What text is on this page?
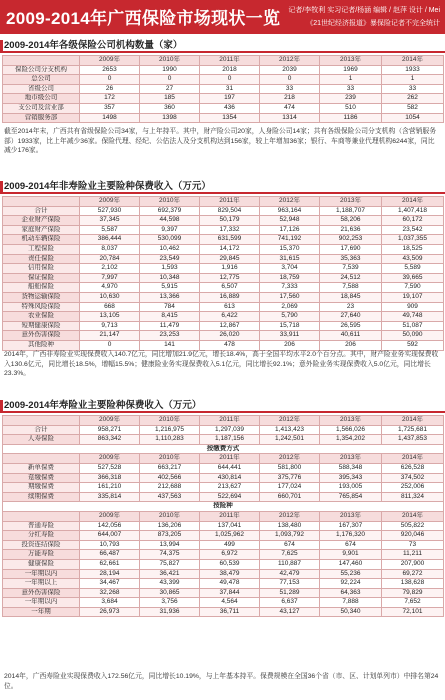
2009-2014年广西保险市场现状一览 记者/李牧利 实习记者/杨涵 编辑 / 赵萍 设计 / Mei
《21世纪经济报道》暴保险记者不完全统计
2009-2014年各级保险公司机构数量（家）
	2009年	2010年	2011年	2012年	2013年	2014年
保险公司分支机构	2653	1990	2018	2039	1969	1933
总公司	0	0	0	0	1	1
省级公司	26	27	31	33	33	33
地市级公司	172	185	197	218	239	262
支公司及营业部	357	360	436	474	510	582
营销服务部	1498	1398	1354	1314	1186	1054
截至2014年末，广西共有省级保险公司34家，与上年持平。其中，财产险公司20家，人身险公司14家；共有各级保险公司分支机构（含营销服务部）1933家，比上年减少36家。保险代理、经纪、公估法人及分支机构达到156家，较上年增加36家；银行、车商等兼业代理机构6244家，同比减少176家。
2009-2014年非寿险业主要险种保费收入（万元）
	2009年	2010年	2011年	2012年	2013年	2014年
合计	527,930	692,379	829,504	963,164	1,188,707	1,407,418
企业财产保险	37,345	44,598	50,179	52,948	58,206	60,172
家庭财产保险	5,587	9,397	17,332	17,126	21,636	23,542
机动车辆保险	386,444	530,099	631,599	741,192	902,253	1,037,355
工程保险	8,037	10,462	14,172	15,370	17,690	18,525
责任保险	20,784	23,549	29,845	31,615	35,363	43,509
信用保险	2,102	1,593	1,916	3,704	7,539	5,589
保证保险	7,997	10,348	12,775	18,759	24,512	39,665
船舶保险	4,970	5,915	6,507	7,333	7,588	7,590
货物运输保险	10,630	13,366	16,889	17,560	18,845	19,107
特殊风险保险	668	784	613	2,069	23	909
农业保险	13,105	8,415	6,422	5,790	27,640	49,748
短期健康保险	9,713	11,479	12,867	15,718	26,595	51,087
意外伤害保险	21,147	23,253	26,020	33,911	40,611	50,090
其他险种	0	141	478	206	206	592
2014年，广西非寿险业实现保费收入140.7亿元，同比增加21.9亿元，增长18.4%，高于全国平均水平2.0个百分点。其中，财产险业务实现保费收入130.6亿元，同比增长18.5%，增幅15.5%；健康险业务实现保费收入5.1亿元，同比增长92.1%；意外险业务实现保费收入5.0亿元，同比增长23.3%。
2009-2014年寿险业主要险种保费收入（万元）
	2009年	2010年	2011年	2012年	2013年	2014年
合计	958,271	1,216,975	1,297,039	1,413,423	1,566,026	1,725,681
人寿保险	863,342	1,110,283	1,187,156	1,242,501	1,354,202	1,437,853
按缴费方式						
	2009年	2010年	2011年	2012年	2013年	2014年
新单保费	527,528	663,217	644,441	581,800	588,348	626,528
趸缴保费	366,318	402,566	430,814	375,776	395,343	374,502
期缴保费	161,210	212,688	213,627	177,024	193,005	252,006
续期保费	335,814	437,563	522,694	660,701	765,854	811,324
按险种						
	2009年	2010年	2011年	2012年	2013年	2014年
普通寿险	142,056	136,206	137,041	138,480	167,307	505,822
分红寿险	644,007	873,205	1,025,962	1,093,792	1,176,320	920,046
投资连结保险	10,793	13,994	499	674	674	73
万能寿险	66,487	74,375	6,972	7,625	9,901	11,211
健康保险	62,661	75,827	60,539	110,887	147,460	207,900
一年期以内	28,194	36,421	38,479	42,479	55,236	69,272
一年期以上	34,467	43,399	49,478	77,153	92,224	138,628
意外伤害保险	32,268	30,865	37,844	51,289	64,363	79,829
一年期以内	3,684	3,756	4,564	6,637	7,888	7,652
一年期	26,973	31,936	36,711	43,127	50,340	72,101
2014年，广西寿险业实现保费收入172.56亿元，同比增长10.19%，与上年基本持平。保费规模在全国36个省（市、区、计划单列市）中排名第24位。
